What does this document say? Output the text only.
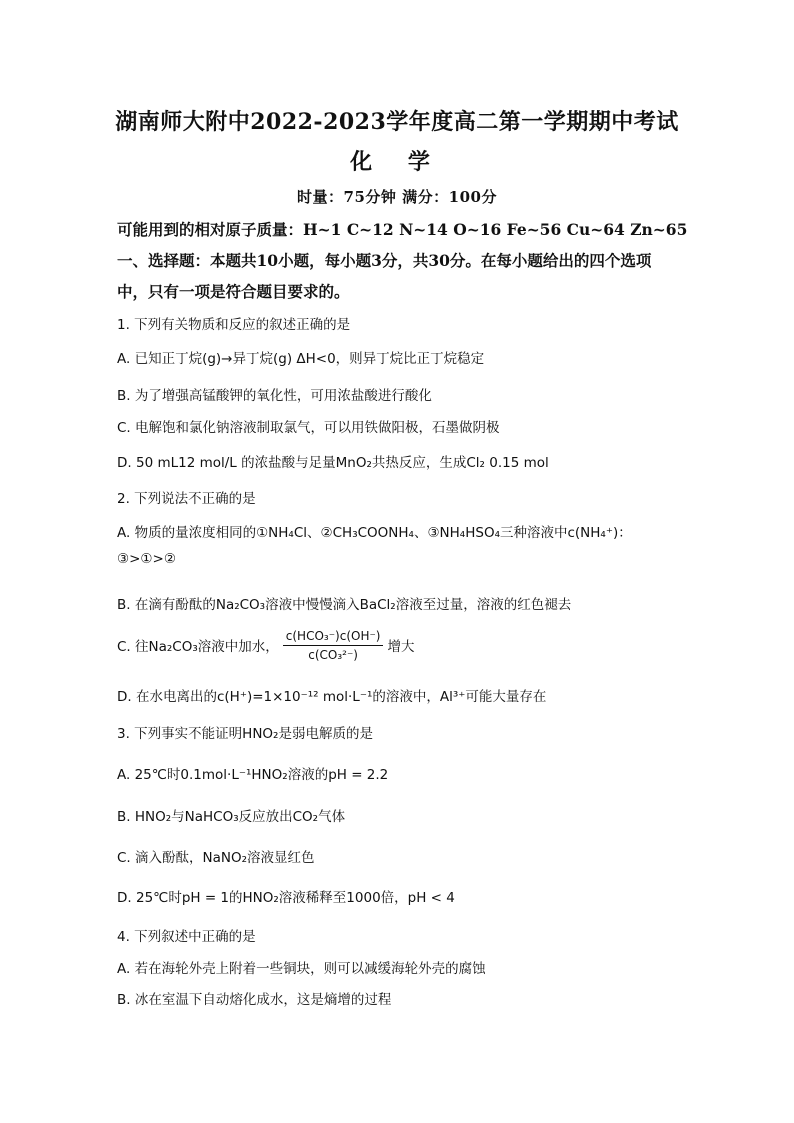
湖南师大附中2022-2023学年度高二第一学期期中考试
化 学
时量：75分钟 满分：100分
可能用到的相对原子质量：H~1 C~12 N~14 O~16 Fe~56 Cu~64 Zn~65
一、选择题：本题共10小题，每小题3分，共30分。在每小题给出的四个选项
中，只有一项是符合题目要求的。
1. 下列有关物质和反应的叙述正确的是
A. 已知正丁烷(g)→异丁烷(g) ΔH<0，则异丁烷比正丁烷稳定
B. 为了增强高锰酸钾的氧化性，可用浓盐酸进行酸化
C. 电解饱和氯化钠溶液制取氯气，可以用铁做阳极，石墨做阴极
D. 50 mL12 mol/L 的浓盐酸与足量MnO₂共热反应，生成Cl₂ 0.15 mol
2. 下列说法不正确的是
A. 物质的量浓度相同的①NH₄Cl、②CH₃COONH₄、③NH₄HSO₄三种溶液中c(NH₄⁺)：③>①>②
B. 在滴有酚酞的Na₂CO₃溶液中慢慢滴入BaCl₂溶液至过量，溶液的红色褪去
C. 往Na₂CO₃溶液中加水， $\frac{\text{c(HCO₃⁻)c(OH⁻)}}{\text{c(CO₃²⁻)}}$ 增大
D. 在水电离出的c(H⁺)=1×10⁻¹² mol·L⁻¹的溶液中，Al³⁺可能大量存在
3. 下列事实不能证明HNO₂是弱电解质的是
A. 25℃时0.1mol·L⁻¹HNO₂溶液的pH = 2.2
B. HNO₂与NaHCO₃反应放出CO₂气体
C. 滴入酚酞，NaNO₂溶液显红色
D. 25℃时pH = 1的HNO₂溶液稀释至1000倍，pH < 4
4. 下列叙述中正确的是
A. 若在海轮外壳上附着一些铜块，则可以减缓海轮外壳的腐蚀
B. 冰在室温下自动熔化成水，这是熵增的过程
